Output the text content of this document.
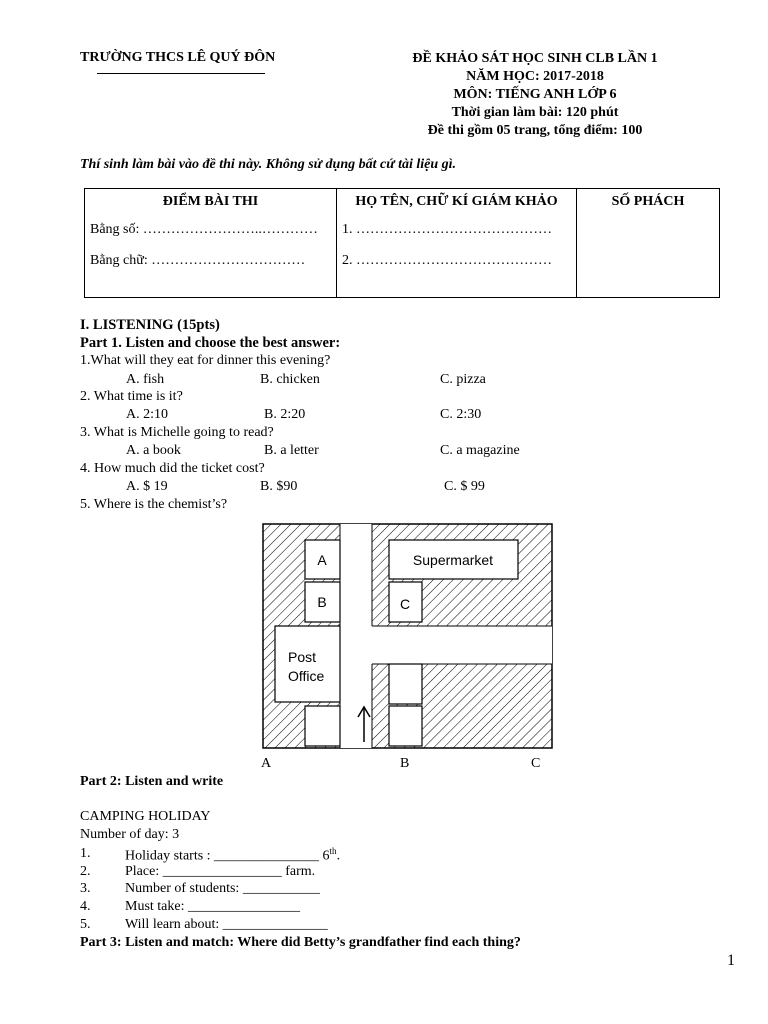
TRƯỜNG THCS LÊ QUÝ ĐÔN	ĐỀ KHẢO SÁT HỌC SINH CLB LẦN 1
NĂM HỌC: 2017-2018
MÔN: TIẾNG ANH LỚP 6
Thời gian làm bài: 120 phút
Đề thi gồm 05 trang, tổng điểm: 100
Thí sinh làm bài vào đề thi này. Không sử dụng bất cứ tài liệu gì.
ĐIỂM BÀI THI
Bằng số: ……………………..…………
Bằng chữ: ……………………………

HỌ TÊN, CHỮ KÍ GIÁM KHẢO
1. ……………………………………
2. ……………………………………

SỐ PHÁCH
I. LISTENING (15pts)
Part 1. Listen and choose the best answer:
1.What will they eat for dinner this evening?
A. fish	B. chicken	C. pizza
2. What time is it?
A. 2:10	B. 2:20	C. 2:30
3. What is Michelle going to read?
A. a book	B. a letter	C. a magazine
4. How much did the ticket cost?
A. $ 19	B. $90	C. $ 99
5. Where is the chemist’s?
A
B
Post
Office
Supermarket
C
A	B	C
Part 2: Listen and write
CAMPING HOLIDAY
Number of day: 3
1. Holiday starts : _______________ 6th.
2. Place: _________________ farm.
3. Number of students: ___________
4. Must take: ________________
5. Will learn about: _______________
Part 3: Listen and match: Where did Betty’s grandfather find each thing?
1
